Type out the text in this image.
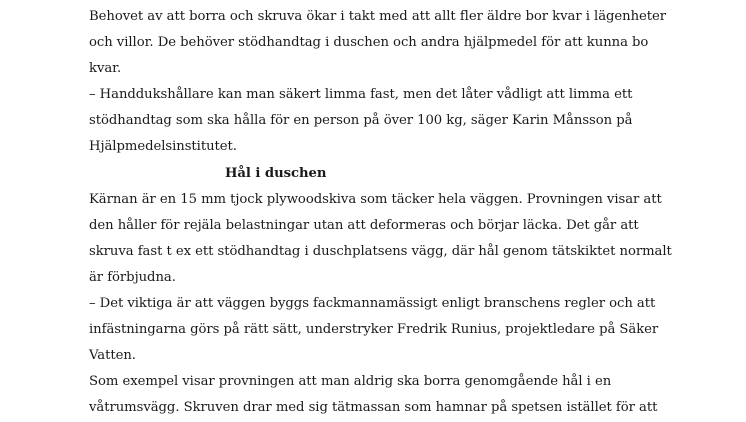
Behovet av att borra och skruva ökar i takt med att allt fler äldre bor kvar i lägenheter
och villor. De behöver stödhandtag i duschen och andra hjälpmedel för att kunna bo
kvar.
– Handdukshållare kan man säkert limma fast, men det låter vådligt att limma ett
stödhandtag som ska hålla för en person på över 100 kg, säger Karin Månsson på
Hjälpmedelsinstitutet.
Hål i duschen
Kärnan är en 15 mm tjock plywoodskiva som täcker hela väggen. Provningen visar att
den håller för rejäla belastningar utan att deformeras och börjar läcka. Det går att
skruva fast t ex ett stödhandtag i duschplatsens vägg, där hål genom tätskiktet normalt
är förbjudna.
– Det viktiga är att väggen byggs fackmannamässigt enligt branschens regler och att
infästningarna görs på rätt sätt, understryker Fredrik Runius, projektledare på Säker
Vatten.
Som exempel visar provningen att man aldrig ska borra genomgående hål i en
våtrumsvägg. Skruven drar med sig tätmassan som hamnar på spetsen istället för att
